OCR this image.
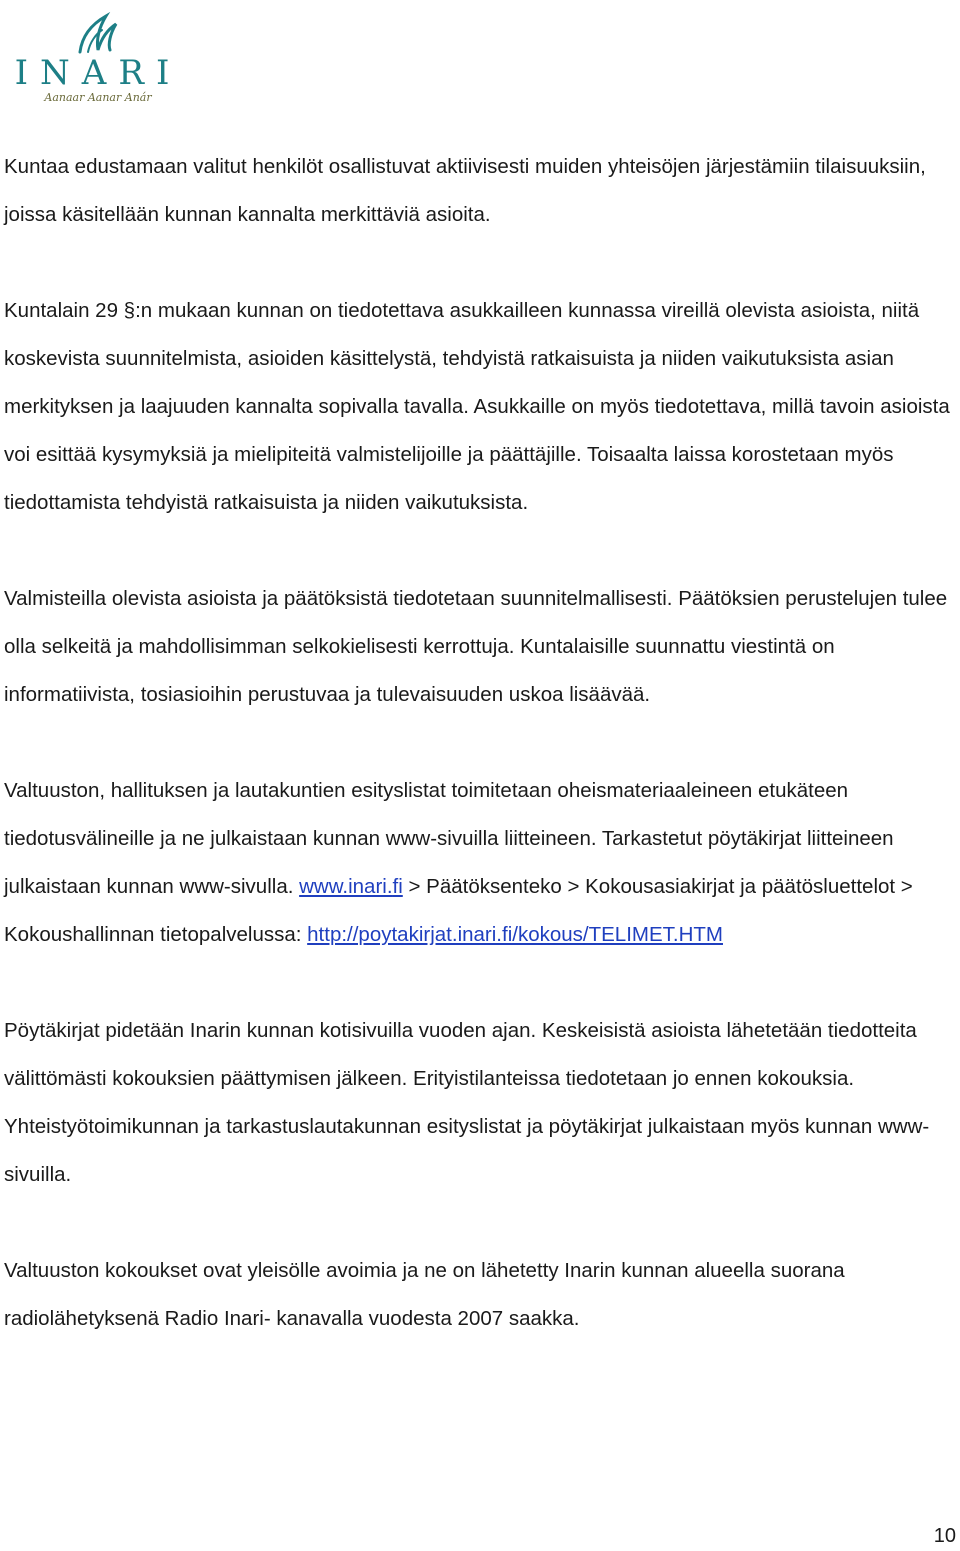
INARI
Aanaar Aanar Anár

Kuntaa edustamaan valitut henkilöt osallistuvat aktiivisesti muiden yhteisöjen järjestämiin tilaisuuksiin, joissa käsitellään kunnan kannalta merkittäviä asioita.

Kuntalain 29 §:n mukaan kunnan on tiedotettava asukkailleen kunnassa vireillä olevista asioista, niitä koskevista suunnitelmista, asioiden käsittelystä, tehdyistä ratkaisuista ja niiden vaikutuksista asian merkityksen ja laajuuden kannalta sopivalla tavalla. Asukkaille on myös tiedotettava, millä tavoin asioista voi esittää kysymyksiä ja mielipiteitä valmistelijoille ja päättäjille. Toisaalta laissa korostetaan myös tiedottamista tehdyistä ratkaisuista ja niiden vaikutuksista.

Valmisteilla olevista asioista ja päätöksistä tiedotetaan suunnitelmallisesti. Päätöksien perustelujen tulee olla selkeitä ja mahdollisimman selkokielisesti kerrottuja. Kuntalaisille suunnattu viestintä on informatiivista, tosiasioihin perustuvaa ja tulevaisuuden uskoa lisäävää.

Valtuuston, hallituksen ja lautakuntien esityslistat toimitetaan oheismateriaaleineen etukäteen tiedotusvälineille ja ne julkaistaan kunnan www-sivuilla liitteineen. Tarkastetut pöytäkirjat liitteineen julkaistaan kunnan www-sivulla. www.inari.fi > Päätöksenteko > Kokousasiakirjat ja päätösluettelot > Kokoushallinnan tietopalvelussa: http://poytakirjat.inari.fi/kokous/TELIMET.HTM

Pöytäkirjat pidetään Inarin kunnan kotisivuilla vuoden ajan. Keskeisistä asioista lähetetään tiedotteita välittömästi kokouksien päättymisen jälkeen. Erityistilanteissa tiedotetaan jo ennen kokouksia. Yhteistyötoimikunnan ja tarkastuslautakunnan esityslistat ja pöytäkirjat julkaistaan myös kunnan www-sivuilla.

Valtuuston kokoukset ovat yleisölle avoimia ja ne on lähetetty Inarin kunnan alueella suorana radiolähetyksenä Radio Inari- kanavalla vuodesta 2007 saakka.

10
